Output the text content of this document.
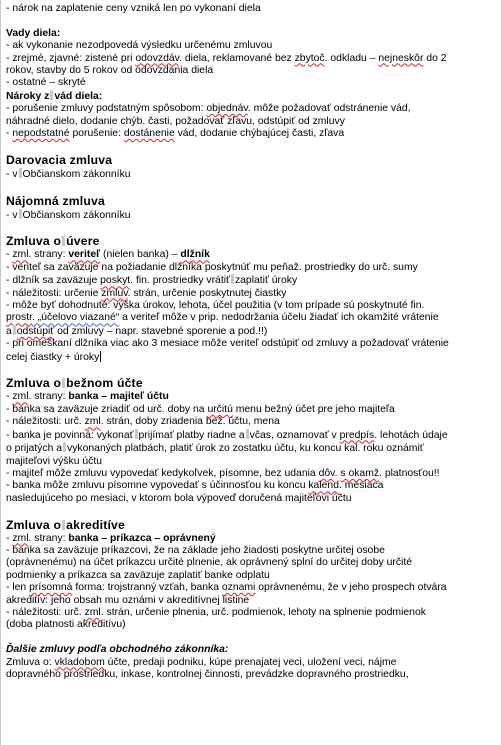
- nárok na zaplatenie ceny vzniká len po vykonaní diela
Vady diela:
- ak vykonanie nezodpovedá výsledku určenému zmluvou
- zrejmé, zjavné: zistené pri odovzdáv. diela, reklamované bez zbytoč. odkladu – nejneskôr do 2
rokov, stavby do 5 rokov od odovzdania diela
- ostatné – skryté
Nároky z vád diela:
- porušenie zmluvy podstatným spôsobom: objednáv. môže požadovať odstránenie vád,
náhradné dielo, dodanie chýb. časti, požadovať zľavu, odstúpiť od zmluvy
- nepodstatné porušenie: dostánenie vád, dodanie chýbajúcej časti, zľava
Darovacia zmluva
- v Občianskom zákonníku
Nájomná zmluva
- v Občianskom zákonníku
Zmluva o úvere
- zml. strany: veriteľ (nielen banka) – dlžník
- veriteľ sa zaväzuje na požiadanie dlžníka poskytnúť mu peňaž. prostriedky do urč. sumy
- dlžník sa zaväzuje poskyt. fin. prostriedky vrátiť zaplatiť úroky
- náležitosti: určenie zmluv. strán, určenie poskytnutej čiastky
- môže byť dohodnuté: výška úrokov, lehota, účel použitia (v tom prípade sú poskytnuté fin.
prostr. „účelovo viazané“ a veriteľ môže v prip. nedodržania účelu žiadať ich okamžité vrátenie
a odstúpiť od zmluvy – napr. stavebné sporenie a pod.!!)
- pri omeškaní dlžníka viac ako 3 mesiace môže veriteľ odstúpiť od zmluvy a požadovať vrátenie
celej čiastky + úroky
Zmluva o bežnom účte
- zml. strany: banka – majiteľ účtu
- banka sa zaväzuje zriadiť od urč. doby na určitú menu bežný účet pre jeho majiteľa
- náležitosti: urč. zml. strán, doby zriadenia bež. účtu, mena
- banka je povinná: vykonať prijímať platby riadne a včas, oznamovať v predpís. lehotách údaje
o prijatých a vykonaných platbách, platiť úrok zo zostatku účtu, ku koncu kal. roku oznámiť
majiteľovi výšku účtu
- majiteľ môže zmluvu vypovedať kedykoľvek, písomne, bez udania dôv. s okamž. platnosťou!!
- banka môže zmluvu písomne vypovedať s účinnosťou ku koncu kalend. mesiaca
nasledujúceho po mesiaci, v ktorom bola výpoveď doručená majiteľovi účtu
Zmluva o akreditíve
- zml. strany: banka – príkazca – oprávnený
- banka sa zaväzuje príkazcovi, že na základe jeho žiadosti poskytne určitej osobe
(oprávnenému) na účet príkazcu určité plnenie, ak oprávnený splní do určitej doby určité
podmienky a príkazca sa zaväzuje zaplatiť banke odplatu
- len prísomná forma: trojstranný vzťah, banka oznami oprávnenému, že v jeho prospech otvára
akreditív: jeho obsah mu oznámi v akreditívnej listine
- náležitosti: urč. zml. strán, určenie plnenia, urč. podmienok, lehoty na splnenie podmienok
(doba platnosti akreditívu)
Ďalšie zmluvy podľa obchodného zákonníka:
Zmluva o: vkladobom účte, predaji podniku, kúpe prenajatej veci, uložení veci, nájme
dopravného prostriedku, inkase, kontrolnej činnosti, prevádzke dopravného prostriedku,
